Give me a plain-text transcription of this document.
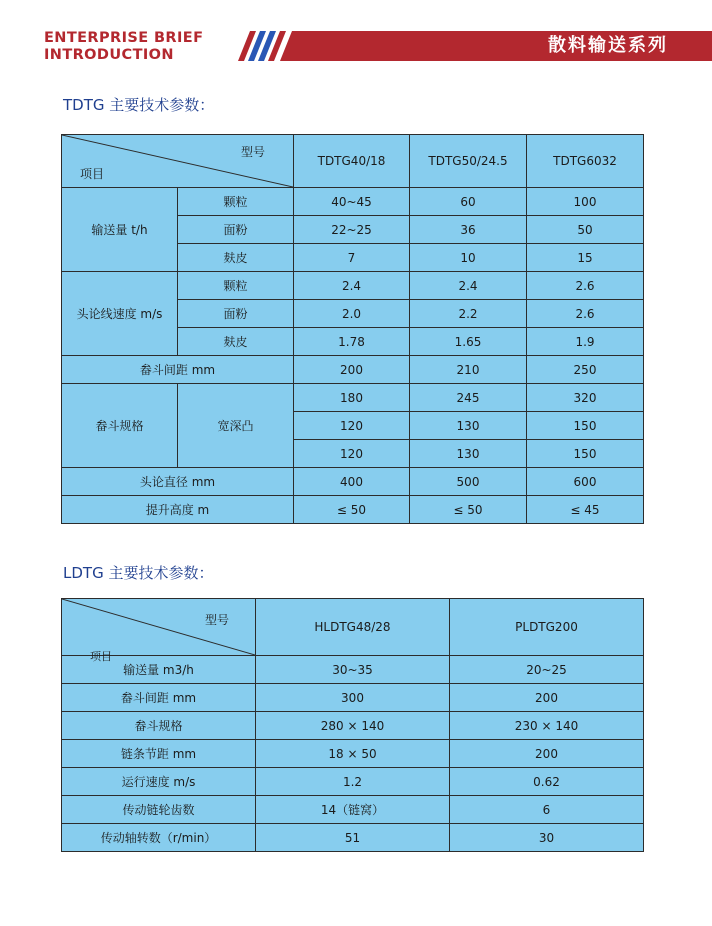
ENTERPRISE BRIEF
INTRODUCTION	散料输送系列
TDTG 主要技术参数：
型号
项目		TDTG40/18	TDTG50/24.5	TDTG6032
输送量 t/h	颗粒	40~45	60	100
	面粉	22~25	36	50
	麸皮	7	10	15
头论线速度 m/s	颗粒	2.4	2.4	2.6
	面粉	2.0	2.2	2.6
	麸皮	1.78	1.65	1.9
畚斗间距 mm		200	210	250
畚斗规格	宽深凸	180	245	320
		120	130	150
		120	130	150
头论直径 mm		400	500	600
提升高度 m		≤ 50	≤ 50	≤ 45
LDTG 主要技术参数：
型号	HLDTG48/28	PLDTG200
输送量 m3/h	30~35	20~25
畚斗间距 mm	300	200
畚斗规格	280 × 140	230 × 140
链条节距 mm	18 × 50	200
运行速度 m/s	1.2	0.62
传动链轮齿数	14（链窝）	6
传动轴转数（r/min）	51	30
项目
